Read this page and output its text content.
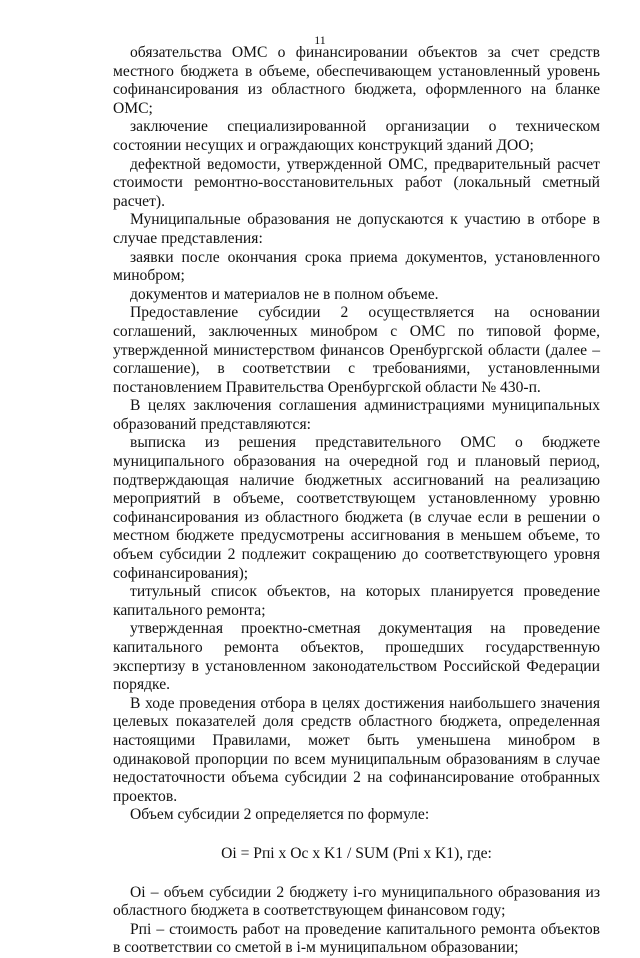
11

обязательства ОМС о финансировании объектов за счет средств местного бюджета в объеме, обеспечивающем установленный уровень софинансирования из областного бюджета, оформленного на бланке ОМС;

заключение специализированной организации о техническом состоянии несущих и ограждающих конструкций зданий ДОО;

дефектной ведомости, утвержденной ОМС, предварительный расчет стоимости ремонтно-восстановительных работ (локальный сметный расчет).

Муниципальные образования не допускаются к участию в отборе в случае представления:

заявки после окончания срока приема документов, установленного минобром;

документов и материалов не в полном объеме.

Предоставление субсидии 2 осуществляется на основании соглашений, заключенных минобром с ОМС по типовой форме, утвержденной министерством финансов Оренбургской области (далее – соглашение), в соответствии с требованиями, установленными постановлением Правительства Оренбургской области № 430-п.

В целях заключения соглашения администрациями муниципальных образований представляются:

выписка из решения представительного ОМС о бюджете муниципального образования на очередной год и плановый период, подтверждающая наличие бюджетных ассигнований на реализацию мероприятий в объеме, соответствующем установленному уровню софинансирования из областного бюджета (в случае если в решении о местном бюджете предусмотрены ассигнования в меньшем объеме, то объем субсидии 2 подлежит сокращению до соответствующего уровня софинансирования);

титульный список объектов, на которых планируется проведение капитального ремонта;

утвержденная проектно-сметная документация на проведение капитального ремонта объектов, прошедших государственную экспертизу в установленном законодательством Российской Федерации порядке.

В ходе проведения отбора в целях достижения наибольшего значения целевых показателей доля средств областного бюджета, определенная настоящими Правилами, может быть уменьшена минобром в одинаковой пропорции по всем муниципальным образованиям в случае недостаточности объема субсидии 2 на софинансирование отобранных проектов.

Объем субсидии 2 определяется по формуле:

Oi = Рпi x Ос x K1 / SUM (Рпi x K1), где:

Oi – объем субсидии 2 бюджету i-го муниципального образования из областного бюджета в соответствующем финансовом году;

Рпi – стоимость работ на проведение капитального ремонта объектов в соответствии со сметой в i-м муниципальном образовании;
